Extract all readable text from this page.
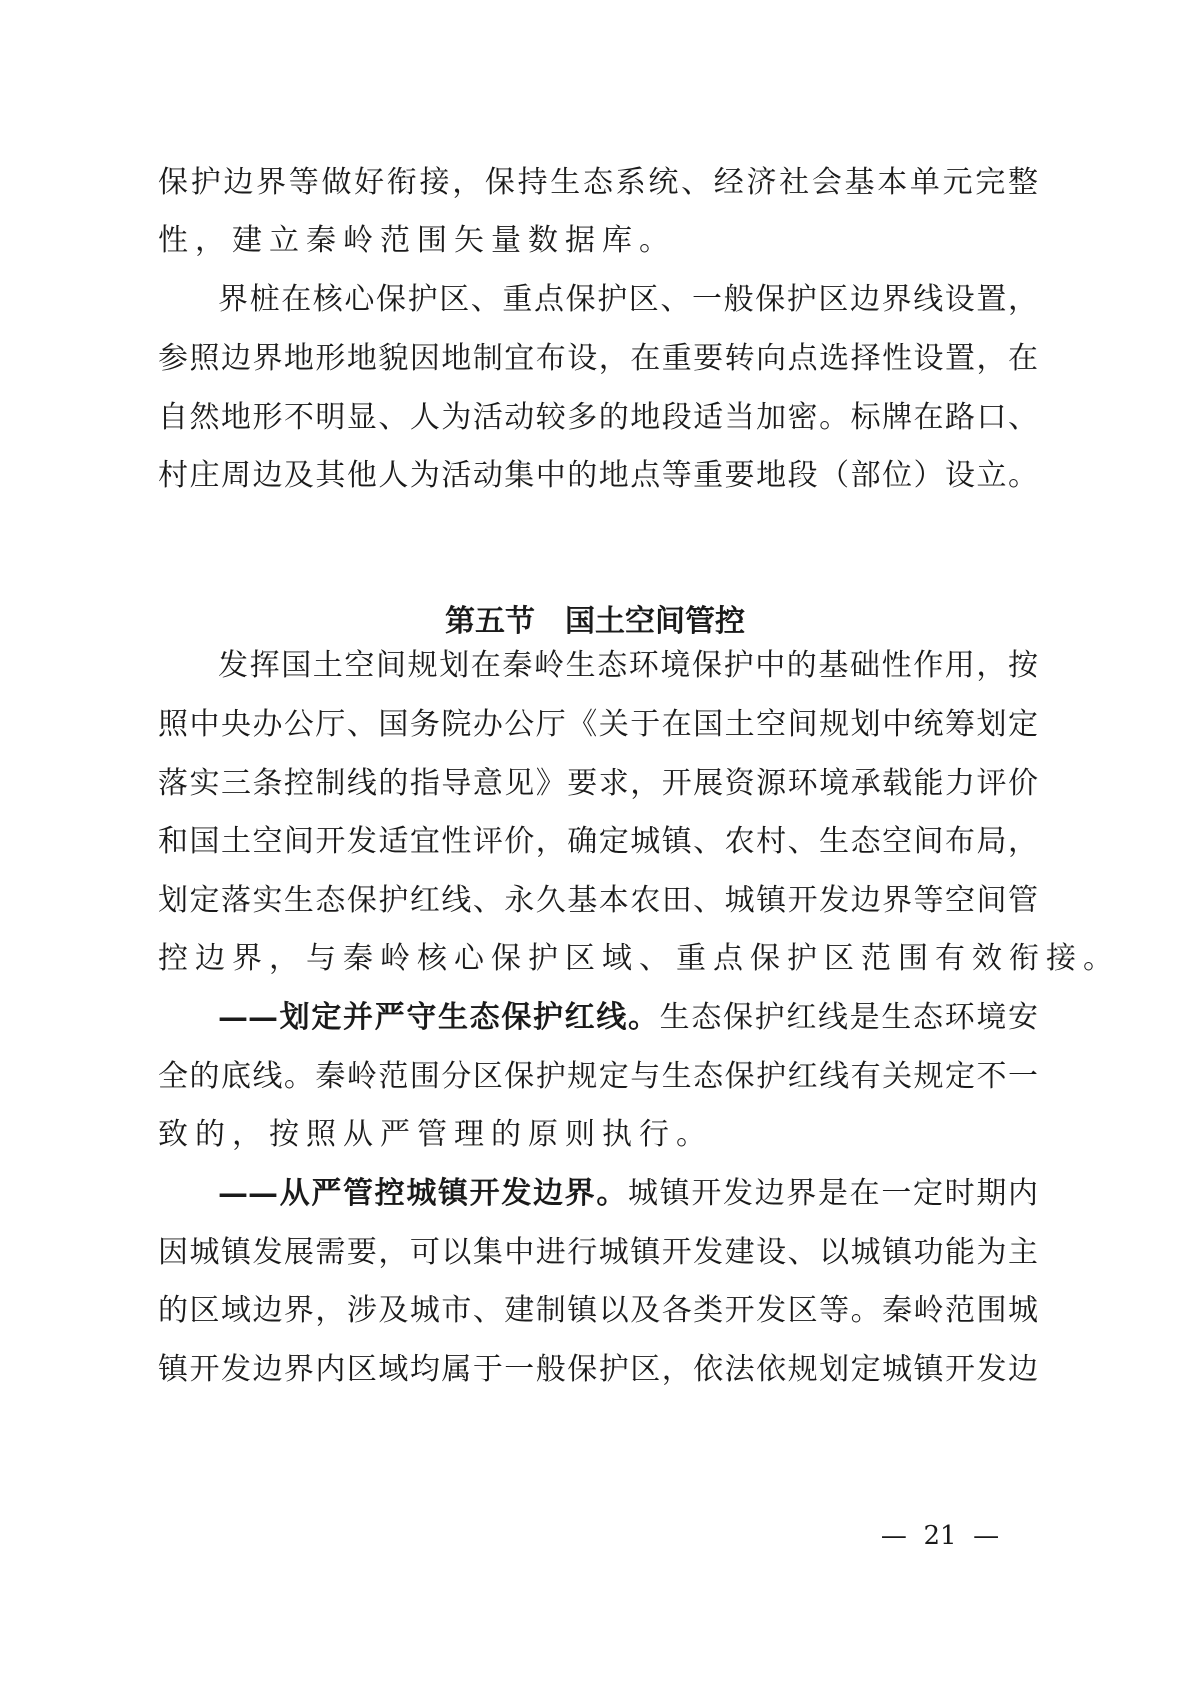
保护边界等做好衔接，保持生态系统、经济社会基本单元完整
性，建立秦岭范围矢量数据库。
界桩在核心保护区、重点保护区、一般保护区边界线设置，
参照边界地形地貌因地制宜布设，在重要转向点选择性设置，在
自然地形不明显、人为活动较多的地段适当加密。标牌在路口、
村庄周边及其他人为活动集中的地点等重要地段（部位）设立。
第五节　国土空间管控
发挥国土空间规划在秦岭生态环境保护中的基础性作用，按
照中央办公厅、国务院办公厅《关于在国土空间规划中统筹划定
落实三条控制线的指导意见》要求，开展资源环境承载能力评价
和国土空间开发适宜性评价，确定城镇、农村、生态空间布局，
划定落实生态保护红线、永久基本农田、城镇开发边界等空间管
控边界，与秦岭核心保护区域、重点保护区范围有效衔接。
——划定并严守生态保护红线。生态保护红线是生态环境安
全的底线。秦岭范围分区保护规定与生态保护红线有关规定不一
致的，按照从严管理的原则执行。
——从严管控城镇开发边界。城镇开发边界是在一定时期内
因城镇发展需要，可以集中进行城镇开发建设、以城镇功能为主
的区域边界，涉及城市、建制镇以及各类开发区等。秦岭范围城
镇开发边界内区域均属于一般保护区，依法依规划定城镇开发边
—  21  —
